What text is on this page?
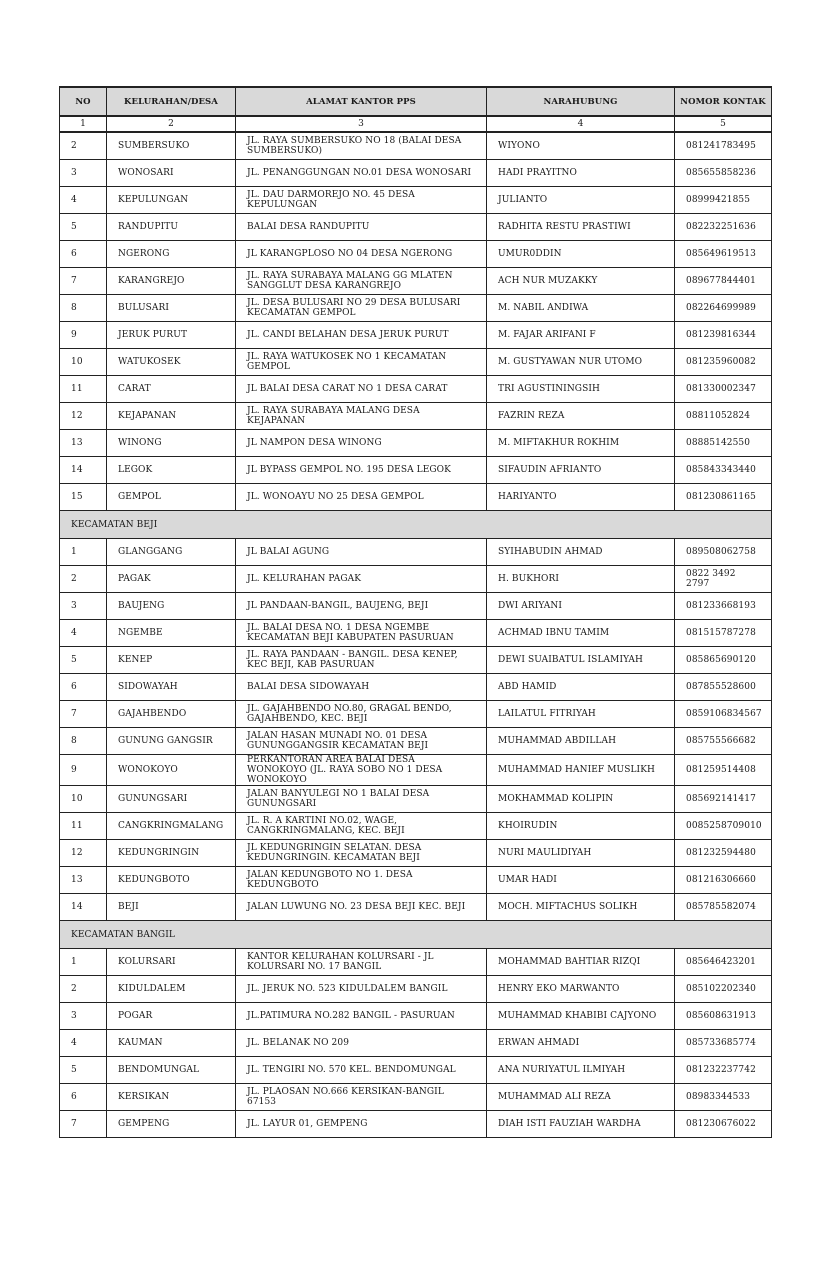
NO	KELURAHAN/DESA	ALAMAT KANTOR PPS	NARAHUBUNG	NOMOR KONTAK
1	2	3	4	5
2	SUMBERSUKO	JL. RAYA SUMBERSUKO NO 18 (BALAI DESA SUMBERSUKO)	WIYONO	081241783495
3	WONOSARI	JL. PENANGGUNGAN NO.01 DESA WONOSARI	HADI PRAYITNO	085655858236
4	KEPULUNGAN	JL. DAU DARMOREJO NO. 45 DESA KEPULUNGAN	JULIANTO	08999421855
5	RANDUPITU	BALAI DESA RANDUPITU	RADHITA RESTU PRASTIWI	082232251636
6	NGERONG	JL KARANGPLOSO NO 04 DESA NGERONG	UMUR0DDIN	085649619513
7	KARANGREJO	JL. RAYA SURABAYA MALANG GG MLATEN SANGGLUT DESA KARANGREJO	ACH NUR MUZAKKY	089677844401
8	BULUSARI	JL. DESA BULUSARI NO 29 DESA BULUSARI KECAMATAN GEMPOL	M. NABIL ANDIWA	082264699989
9	JERUK PURUT	JL. CANDI BELAHAN DESA JERUK PURUT	M. FAJAR ARIFANI F	081239816344
10	WATUKOSEK	JL. RAYA WATUKOSEK NO 1 KECAMATAN GEMPOL	M. GUSTYAWAN NUR UTOMO	081235960082
11	CARAT	JL BALAI DESA CARAT NO 1 DESA CARAT	TRI AGUSTININGSIH	081330002347
12	KEJAPANAN	JL. RAYA SURABAYA MALANG DESA KEJAPANAN	FAZRIN REZA	08811052824
13	WINONG	JL NAMPON DESA WINONG	M. MIFTAKHUR ROKHIM	08885142550
14	LEGOK	JL BYPASS GEMPOL NO. 195 DESA LEGOK	SIFAUDIN AFRIANTO	085843343440
15	GEMPOL	JL. WONOAYU NO 25 DESA GEMPOL	HARIYANTO	081230861165
KECAMATAN BEJI				
1	GLANGGANG	JL BALAI AGUNG	SYIHABUDIN AHMAD	089508062758
2	PAGAK	JL. KELURAHAN PAGAK	H. BUKHORI	0822 3492 2797
3	BAUJENG	JL PANDAAN-BANGIL, BAUJENG, BEJI	DWI ARIYANI	081233668193
4	NGEMBE	JL. BALAI DESA NO. 1 DESA NGEMBE KECAMATAN BEJI KABUPATEN PASURUAN	ACHMAD IBNU TAMIM	081515787278
5	KENEP	JL. RAYA PANDAAN - BANGIL. DESA KENEP, KEC BEJI, KAB PASURUAN	DEWI SUAIBATUL ISLAMIYAH	085865690120
6	SIDOWAYAH	BALAI DESA SIDOWAYAH	ABD HAMID	087855528600
7	GAJAHBENDO	JL. GAJAHBENDO NO.80, GRAGAL BENDO, GAJAHBENDO, KEC. BEJI	LAILATUL FITRIYAH	0859106834567
8	GUNUNG GANGSIR	JALAN HASAN MUNADI NO. 01 DESA GUNUNGGANGSIR KECAMATAN BEJI	MUHAMMAD ABDILLAH	085755566682
9	WONOKOYO	PERKANTORAN AREA BALAI DESA WONOKOYO (JL. RAYA SOBO NO 1 DESA WONOKOYO	MUHAMMAD HANIEF MUSLIKH	081259514408
10	GUNUNGSARI	JALAN BANYULEGI NO 1 BALAI DESA GUNUNGSARI	MOKHAMMAD KOLIPIN	085692141417
11	CANGKRINGMALANG	JL. R. A KARTINI NO.02, WAGE, CANGKRINGMALANG, KEC. BEJI	KHOIRUDIN	0085258709010
12	KEDUNGRINGIN	JL KEDUNGRINGIN SELATAN. DESA KEDUNGRINGIN. KECAMATAN BEJI	NURI MAULIDIYAH	081232594480
13	KEDUNGBOTO	JALAN KEDUNGBOTO NO 1. DESA KEDUNGBOTO	UMAR HADI	081216306660
14	BEJI	JALAN LUWUNG NO. 23 DESA BEJI KEC. BEJI	MOCH. MIFTACHUS SOLIKH	085785582074
KECAMATAN BANGIL				
1	KOLURSARI	KANTOR KELURAHAN KOLURSARI - JL KOLURSARI NO. 17 BANGIL	MOHAMMAD BAHTIAR RIZQI	085646423201
2	KIDULDALEM	JL. JERUK NO. 523 KIDULDALEM BANGIL	HENRY EKO MARWANTO	085102202340
3	POGAR	JL.PATIMURA NO.282 BANGIL - PASURUAN	MUHAMMAD KHABIBI CAJYONO	085608631913
4	KAUMAN	JL. BELANAK NO 209	ERWAN AHMADI	085733685774
5	BENDOMUNGAL	JL. TENGIRI NO. 570 KEL. BENDOMUNGAL	ANA NURIYATUL ILMIYAH	081232237742
6	KERSIKAN	JL. PLAOSAN NO.666 KERSIKAN-BANGIL 67153	MUHAMMAD ALI REZA	08983344533
7	GEMPENG	JL. LAYUR 01, GEMPENG	DIAH ISTI FAUZIAH WARDHA	081230676022
